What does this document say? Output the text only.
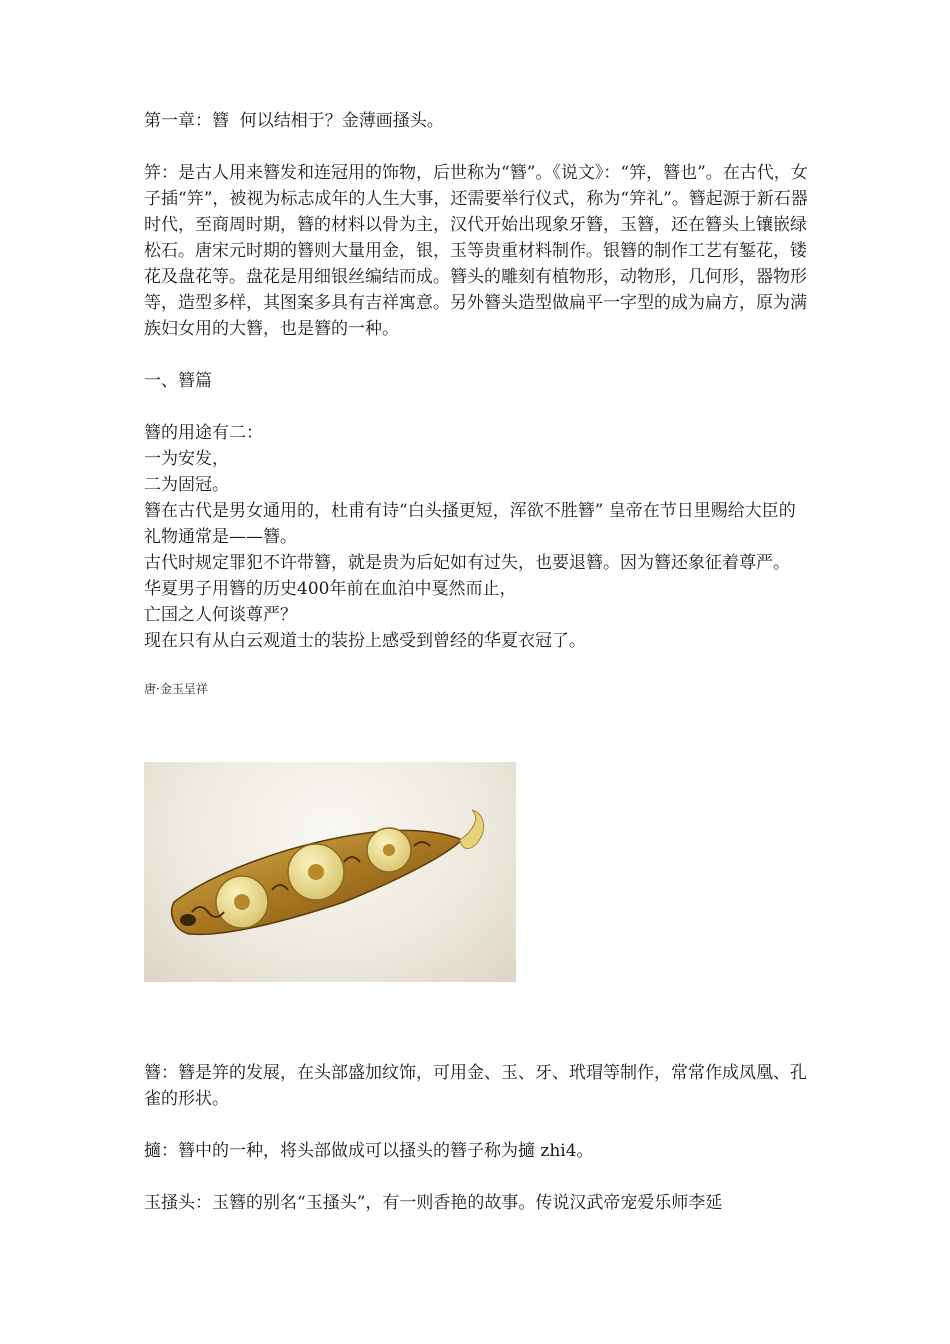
第一章：簪  何以结相于？金薄画搔头。

笄：是古人用来簪发和连冠用的饰物，后世称为“簪”。《说文》：“笄，簪也”。在古代，女子插“笄”，被视为标志成年的人生大事，还需要举行仪式，称为“笄礼”。簪起源于新石器时代，至商周时期，簪的材料以骨为主，汉代开始出现象牙簪，玉簪，还在簪头上镶嵌绿松石。唐宋元时期的簪则大量用金，银，玉等贵重材料制作。银簪的制作工艺有錾花，镂花及盘花等。盘花是用细银丝编结而成。簪头的雕刻有植物形，动物形，几何形，器物形等，造型多样，其图案多具有吉祥寓意。另外簪头造型做扁平一字型的成为扁方，原为满族妇女用的大簪，也是簪的一种。

一、簪篇

簪的用途有二：

一为安发，

二为固冠。

簪在古代是男女通用的，杜甫有诗“白头搔更短，浑欲不胜簪” 皇帝在节日里赐给大臣的礼物通常是——簪。

古代时规定罪犯不许带簪，就是贵为后妃如有过失，也要退簪。因为簪还象征着尊严。

华夏男子用簪的历史400年前在血泊中戛然而止，

亡国之人何谈尊严？

现在只有从白云观道士的装扮上感受到曾经的华夏衣冠了。

唐·金玉呈祥

簪：簪是笄的发展，在头部盛加纹饰，可用金、玉、牙、玳瑁等制作，常常作成凤凰、孔雀的形状。

擿：簪中的一种，将头部做成可以搔头的簪子称为擿 zhi4。

玉搔头：玉簪的别名“玉搔头”，有一则香艳的故事。传说汉武帝宠爱乐师李延
